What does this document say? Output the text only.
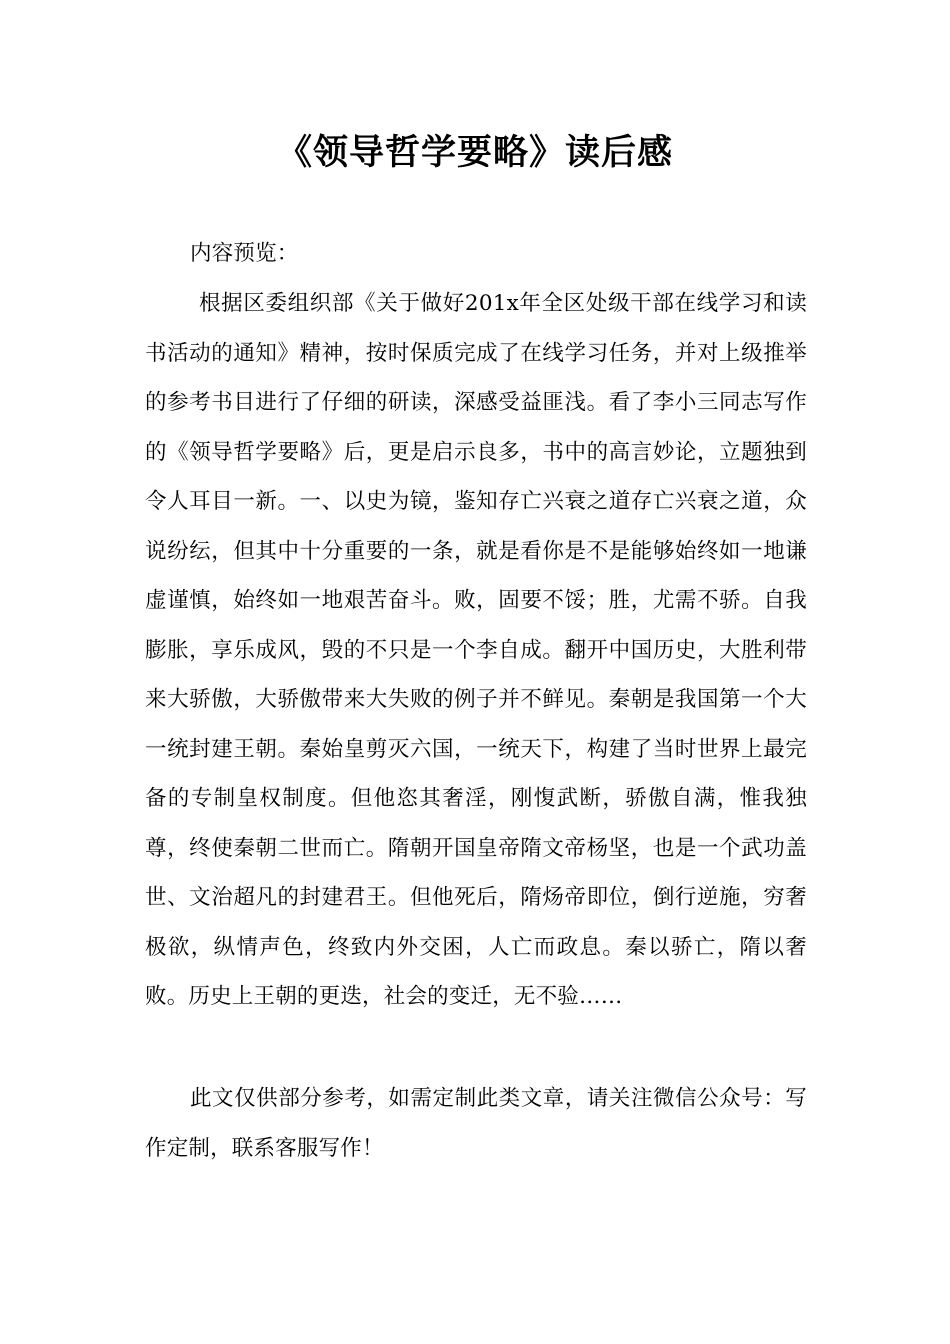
《领导哲学要略》读后感

内容预览：

根据区委组织部《关于做好201x年全区处级干部在线学习和读书活动的通知》精神，按时保质完成了在线学习任务，并对上级推举的参考书目进行了仔细的研读，深感受益匪浅。看了李小三同志写作的《领导哲学要略》后，更是启示良多，书中的高言妙论，立题独到令人耳目一新。一、以史为镜，鉴知存亡兴衰之道存亡兴衰之道，众说纷纭，但其中十分重要的一条，就是看你是不是能够始终如一地谦虚谨慎，始终如一地艰苦奋斗。败，固要不馁；胜，尤需不骄。自我膨胀，享乐成风，毁的不只是一个李自成。翻开中国历史，大胜利带来大骄傲，大骄傲带来大失败的例子并不鲜见。秦朝是我国第一个大一统封建王朝。秦始皇剪灭六国，一统天下，构建了当时世界上最完备的专制皇权制度。但他恣其奢淫，刚愎武断，骄傲自满，惟我独尊，终使秦朝二世而亡。隋朝开国皇帝隋文帝杨坚，也是一个武功盖世、文治超凡的封建君王。但他死后，隋炀帝即位，倒行逆施，穷奢极欲，纵情声色，终致内外交困，人亡而政息。秦以骄亡，隋以奢败。历史上王朝的更迭，社会的变迁，无不验……

此文仅供部分参考，如需定制此类文章，请关注微信公众号：写作定制，联系客服写作！
